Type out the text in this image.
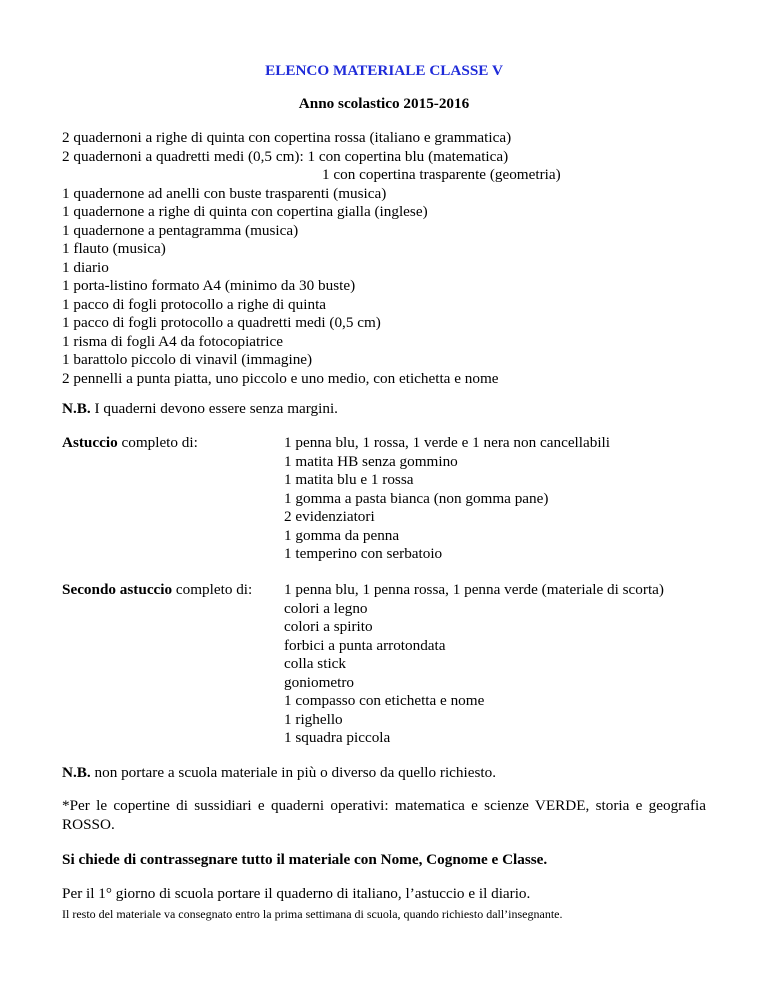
ELENCO MATERIALE CLASSE V
Anno scolastico 2015-2016
2 quadernoni a righe di quinta con copertina rossa (italiano e grammatica)
2 quadernoni a quadretti medi (0,5 cm): 1 con copertina blu (matematica)
1 con copertina trasparente (geometria)
1 quadernone ad anelli con buste trasparenti (musica)
1 quadernone a righe di quinta con copertina gialla (inglese)
1 quadernone a pentagramma (musica)
1 flauto (musica)
1 diario
1 porta-listino formato A4 (minimo da 30 buste)
1 pacco di fogli protocollo a righe di quinta
1 pacco di fogli protocollo a quadretti medi (0,5 cm)
1 risma di fogli A4 da fotocopiatrice
1 barattolo piccolo di vinavil (immagine)
2 pennelli a punta piatta, uno piccolo e uno medio, con etichetta e nome
N.B. I quaderni devono essere senza margini.
Astuccio completo di:	1 penna blu, 1 rossa, 1 verde e 1 nera non cancellabili
1 matita HB senza gommino
1 matita blu e 1 rossa
1 gomma a pasta bianca (non gomma pane)
2 evidenziatori
1 gomma da penna
1 temperino con serbatoio
Secondo astuccio completo di: 1 penna blu, 1 penna rossa, 1 penna verde (materiale di scorta)
colori a legno
colori a spirito
forbici a punta arrotondata
colla stick
goniometro
1 compasso con etichetta e nome
1 righello
1 squadra piccola
N.B. non portare a scuola materiale in più o diverso da quello richiesto.
*Per le copertine di sussidiari e quaderni operativi: matematica e scienze VERDE, storia e geografia ROSSO.
Si chiede di contrassegnare tutto il materiale con Nome, Cognome e Classe.
Per il 1° giorno di scuola portare il quaderno di italiano, l’astuccio e il diario.
Il resto del materiale va consegnato entro la prima settimana di scuola, quando richiesto dall’insegnante.
